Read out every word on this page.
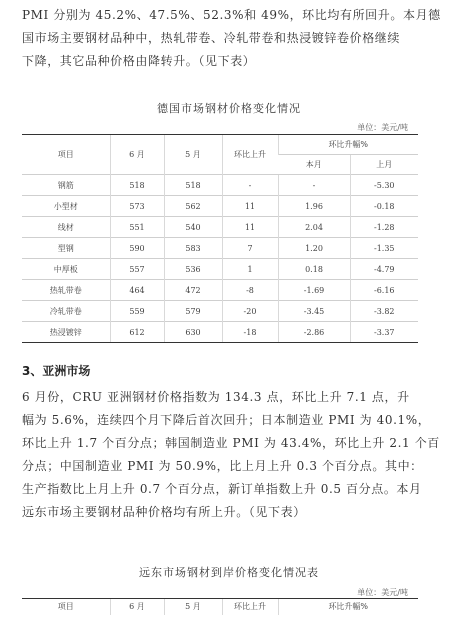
PMI 分别为 45.2%、47.5%、52.3%和 49%，环比均有所回升。本月德
国市场主要钢材品种中，热轧带卷、冷轧带卷和热浸镀锌卷价格继续
下降，其它品种价格由降转升。（见下表）

德国市场钢材价格变化情况
单位：美元/吨
项目	6 月	5 月	环比上升	环比升幅%	
				本月	上月
钢筋	518	518	-	-	-5.30
小型材	573	562	11	1.96	-0.18
线材	551	540	11	2.04	-1.28
型钢	590	583	7	1.20	-1.35
中厚板	557	536	1	0.18	-4.79
热轧带卷	464	472	-8	-1.69	-6.16
冷轧带卷	559	579	-20	-3.45	-3.82
热浸镀锌	612	630	-18	-2.86	-3.37
3、亚洲市场

6 月份，CRU 亚洲钢材价格指数为 134.3 点，环比上升 7.1 点，升
幅为 5.6%，连续四个月下降后首次回升；日本制造业 PMI 为 40.1%，
环比上升 1.7 个百分点；韩国制造业 PMI 为 43.4%，环比上升 2.1 个百
分点；中国制造业 PMI 为 50.9%，比上月上升 0.3 个百分点。其中：
生产指数比上月上升 0.7 个百分点，新订单指数上升 0.5 百分点。本月
远东市场主要钢材品种价格均有所上升。（见下表）

远东市场钢材到岸价格变化情况表
单位：美元/吨
项目	6 月	5 月	环比上升	环比升幅%
